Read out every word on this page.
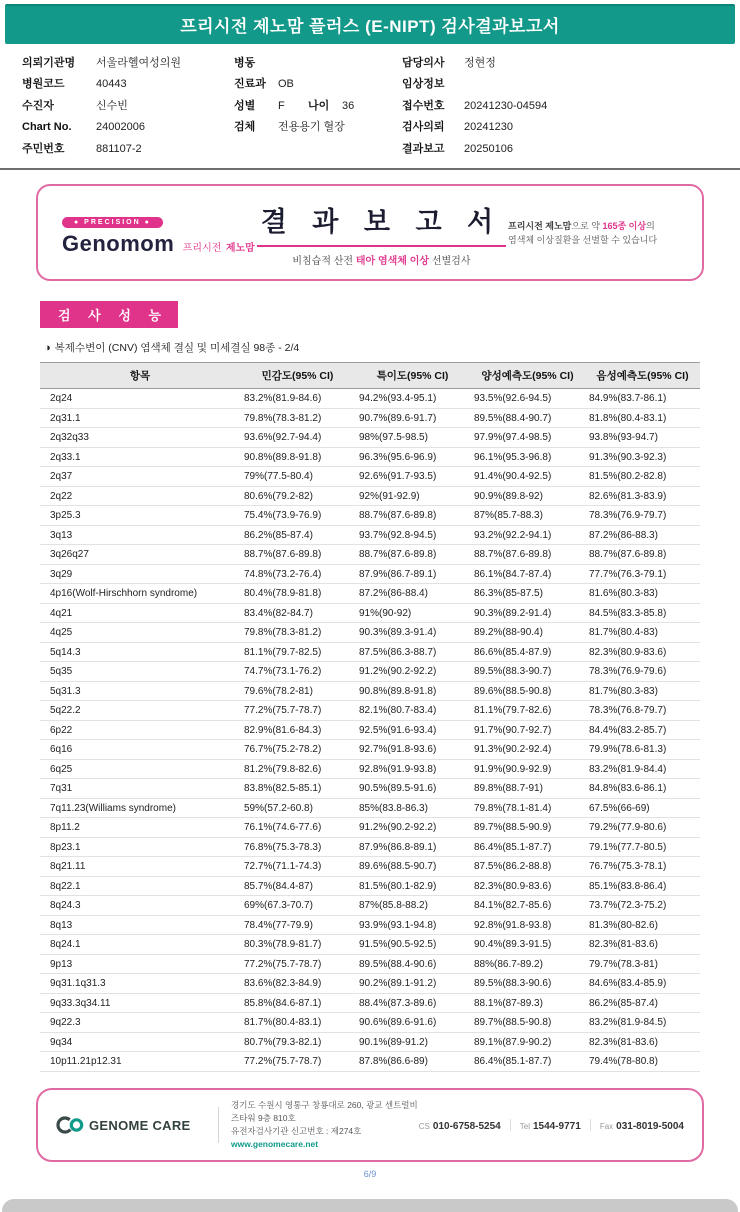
프리시전 제노맘 플러스 (E-NIPT) 검사결과보고서
의뢰기관명	서울라헬여성의원
병원코드	40443
수진자	신수빈
Chart No.	24002006
주민번호	881107-2
병동
진료과	OB
성별	F	나이	36
검체	전용용기 혈장
담당의사	정현정
임상정보
접수번호	20241230-04594
검사의뢰	20241230
결과보고	20250106
● PRECISION ●
Genomom 프리시전 제노맘
결 과 보 고 서
비침습적 산전 태아 염색체 이상 선별검사
프리시전 제노맘으로 약 165종 이상의
염색체 이상질환을 선별할 수 있습니다
검 사 성 능
◑ 복제수변이 (CNV) 염색체 결실 및 미세결실 98종 - 2/4
항목	민감도(95% CI)	특이도(95% CI)	양성예측도(95% CI)	음성예측도(95% CI)
2q24	83.2%(81.9-84.6)	94.2%(93.4-95.1)	93.5%(92.6-94.5)	84.9%(83.7-86.1)
2q31.1	79.8%(78.3-81.2)	90.7%(89.6-91.7)	89.5%(88.4-90.7)	81.8%(80.4-83.1)
2q32q33	93.6%(92.7-94.4)	98%(97.5-98.5)	97.9%(97.4-98.5)	93.8%(93-94.7)
2q33.1	90.8%(89.8-91.8)	96.3%(95.6-96.9)	96.1%(95.3-96.8)	91.3%(90.3-92.3)
2q37	79%(77.5-80.4)	92.6%(91.7-93.5)	91.4%(90.4-92.5)	81.5%(80.2-82.8)
2q22	80.6%(79.2-82)	92%(91-92.9)	90.9%(89.8-92)	82.6%(81.3-83.9)
3p25.3	75.4%(73.9-76.9)	88.7%(87.6-89.8)	87%(85.7-88.3)	78.3%(76.9-79.7)
3q13	86.2%(85-87.4)	93.7%(92.8-94.5)	93.2%(92.2-94.1)	87.2%(86-88.3)
3q26q27	88.7%(87.6-89.8)	88.7%(87.6-89.8)	88.7%(87.6-89.8)	88.7%(87.6-89.8)
3q29	74.8%(73.2-76.4)	87.9%(86.7-89.1)	86.1%(84.7-87.4)	77.7%(76.3-79.1)
4p16(Wolf-Hirschhorn syndrome)	80.4%(78.9-81.8)	87.2%(86-88.4)	86.3%(85-87.5)	81.6%(80.3-83)
4q21	83.4%(82-84.7)	91%(90-92)	90.3%(89.2-91.4)	84.5%(83.3-85.8)
4q25	79.8%(78.3-81.2)	90.3%(89.3-91.4)	89.2%(88-90.4)	81.7%(80.4-83)
5q14.3	81.1%(79.7-82.5)	87.5%(86.3-88.7)	86.6%(85.4-87.9)	82.3%(80.9-83.6)
5q35	74.7%(73.1-76.2)	91.2%(90.2-92.2)	89.5%(88.3-90.7)	78.3%(76.9-79.6)
5q31.3	79.6%(78.2-81)	90.8%(89.8-91.8)	89.6%(88.5-90.8)	81.7%(80.3-83)
5q22.2	77.2%(75.7-78.7)	82.1%(80.7-83.4)	81.1%(79.7-82.6)	78.3%(76.8-79.7)
6p22	82.9%(81.6-84.3)	92.5%(91.6-93.4)	91.7%(90.7-92.7)	84.4%(83.2-85.7)
6q16	76.7%(75.2-78.2)	92.7%(91.8-93.6)	91.3%(90.2-92.4)	79.9%(78.6-81.3)
6q25	81.2%(79.8-82.6)	92.8%(91.9-93.8)	91.9%(90.9-92.9)	83.2%(81.9-84.4)
7q31	83.8%(82.5-85.1)	90.5%(89.5-91.6)	89.8%(88.7-91)	84.8%(83.6-86.1)
7q11.23(Williams syndrome)	59%(57.2-60.8)	85%(83.8-86.3)	79.8%(78.1-81.4)	67.5%(66-69)
8p11.2	76.1%(74.6-77.6)	91.2%(90.2-92.2)	89.7%(88.5-90.9)	79.2%(77.9-80.6)
8p23.1	76.8%(75.3-78.3)	87.9%(86.8-89.1)	86.4%(85.1-87.7)	79.1%(77.7-80.5)
8q21.11	72.7%(71.1-74.3)	89.6%(88.5-90.7)	87.5%(86.2-88.8)	76.7%(75.3-78.1)
8q22.1	85.7%(84.4-87)	81.5%(80.1-82.9)	82.3%(80.9-83.6)	85.1%(83.8-86.4)
8q24.3	69%(67.3-70.7)	87%(85.8-88.2)	84.1%(82.7-85.6)	73.7%(72.3-75.2)
8q13	78.4%(77-79.9)	93.9%(93.1-94.8)	92.8%(91.8-93.8)	81.3%(80-82.6)
8q24.1	80.3%(78.9-81.7)	91.5%(90.5-92.5)	90.4%(89.3-91.5)	82.3%(81-83.6)
9p13	77.2%(75.7-78.7)	89.5%(88.4-90.6)	88%(86.7-89.2)	79.7%(78.3-81)
9q31.1q31.3	83.6%(82.3-84.9)	90.2%(89.1-91.2)	89.5%(88.3-90.6)	84.6%(83.4-85.9)
9q33.3q34.11	85.8%(84.6-87.1)	88.4%(87.3-89.6)	88.1%(87-89.3)	86.2%(85-87.4)
9q22.3	81.7%(80.4-83.1)	90.6%(89.6-91.6)	89.7%(88.5-90.8)	83.2%(81.9-84.5)
9q34	80.7%(79.3-82.1)	90.1%(89-91.2)	89.1%(87.9-90.2)	82.3%(81-83.6)
10p11.21p12.31	77.2%(75.7-78.7)	87.8%(86.6-89)	86.4%(85.1-87.7)	79.4%(78-80.8)
GENOME CARE
경기도 수원시 영통구 창룡대로 260, 광교 센트럴비즈타워 9층 810호
유전자검사기관 신고번호 : 제274호
www.genomecare.net
CS 010-6758-5254 Tel 1544-9771 Fax 031-8019-5004
6/9
